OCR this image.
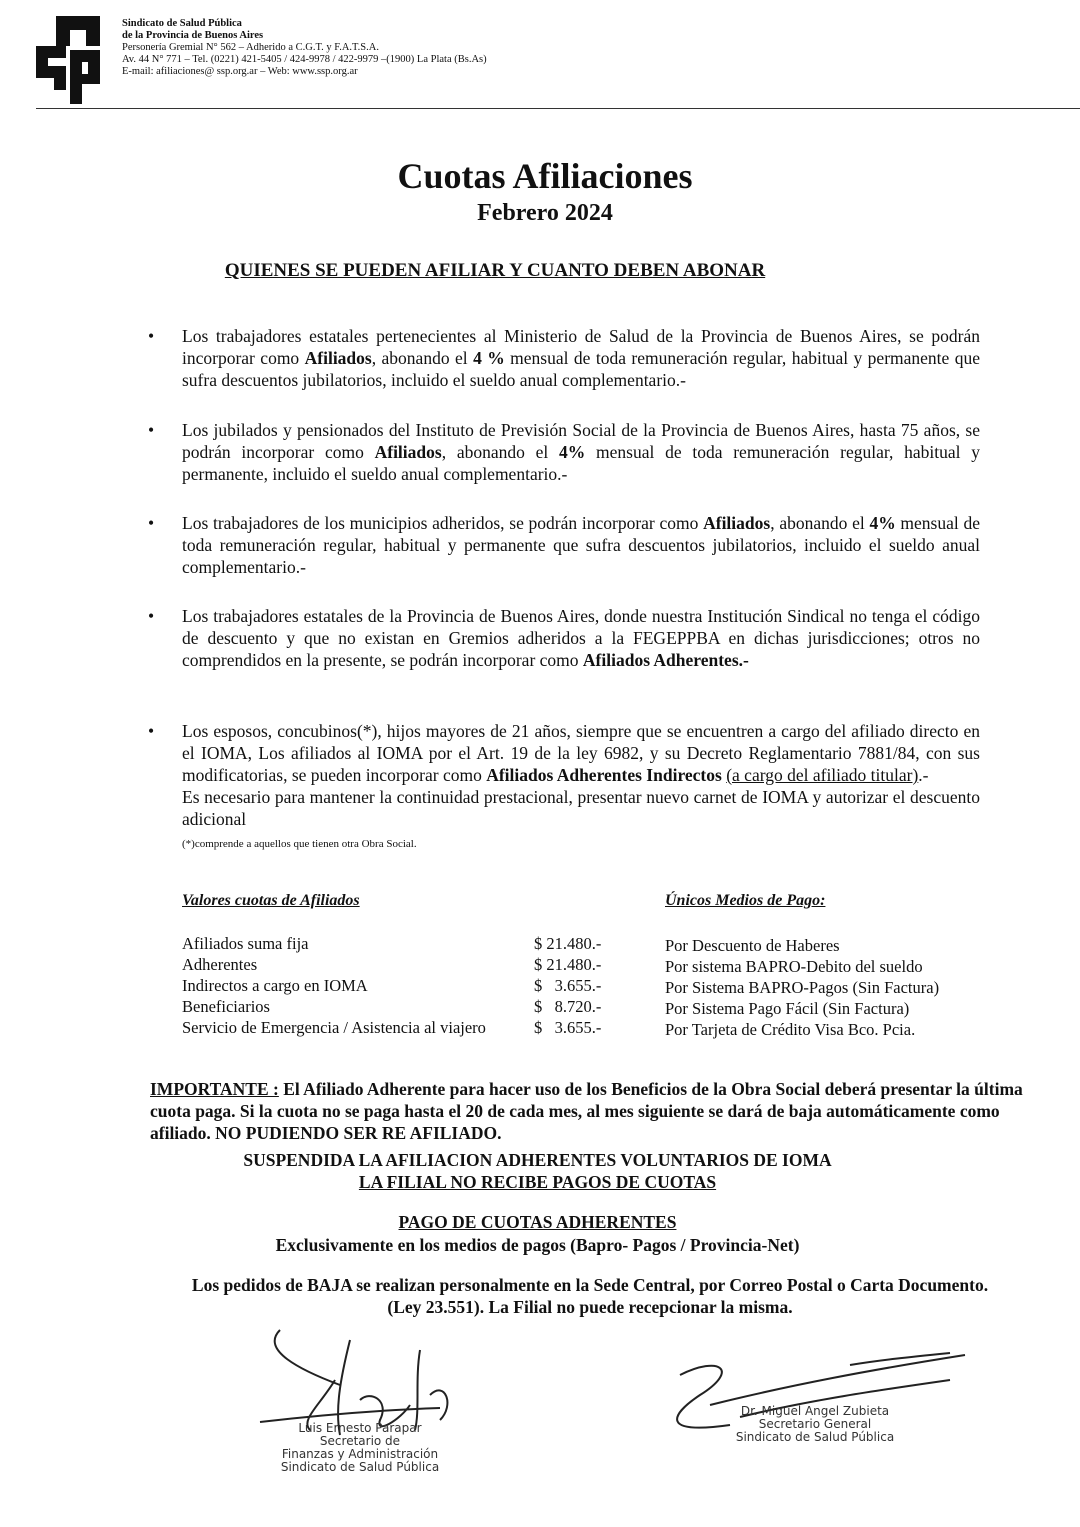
Sindicato de Salud Pública
de la Provincia de Buenos Aires
Personería Gremial N° 562 – Adherido a C.G.T. y F.A.T.S.A.
Av. 44 N° 771 – Tel. (0221) 421-5405 / 424-9978 / 422-9979 –(1900) La Plata (Bs.As)
E-mail: afiliaciones@ ssp.org.ar – Web: www.ssp.org.ar
Cuotas Afiliaciones
Febrero 2024
QUIENES SE PUEDEN AFILIAR Y CUANTO DEBEN ABONAR
• Los trabajadores estatales pertenecientes al Ministerio de Salud de la Provincia de Buenos Aires, se podrán incorporar como Afiliados, abonando el 4 % mensual de toda remuneración regular, habitual y permanente que sufra descuentos jubilatorios, incluido el sueldo anual complementario.-
• Los jubilados y pensionados del Instituto de Previsión Social de la Provincia de Buenos Aires, hasta 75 años, se podrán incorporar como Afiliados, abonando el 4% mensual de toda remuneración regular, habitual y permanente, incluido el sueldo anual complementario.-
• Los trabajadores de los municipios adheridos, se podrán incorporar como Afiliados, abonando el 4% mensual de toda remuneración regular, habitual y permanente que sufra descuentos jubilatorios, incluido el sueldo anual complementario.-
• Los trabajadores estatales de la Provincia de Buenos Aires, donde nuestra Institución Sindical no tenga el código de descuento y que no existan en Gremios adheridos a la FEGEPPBA en dichas jurisdicciones; otros no comprendidos en la presente, se podrán incorporar como Afiliados Adherentes.-
• Los esposos, concubinos(*), hijos mayores de 21 años, siempre que se encuentren a cargo del afiliado directo en el IOMA, Los afiliados al IOMA por el Art. 19 de la ley 6982, y su Decreto Reglamentario 7881/84, con sus modificatorias, se pueden incorporar como Afiliados Adherentes Indirectos (a cargo del afiliado titular).-
Es necesario para mantener la continuidad prestacional, presentar nuevo carnet de IOMA y autorizar el descuento adicional
(*)comprende a aquellos que tienen otra Obra Social.
Valores cuotas de Afiliados	Únicos Medios de Pago:
Afiliados suma fija	$ 21.480.-
Adherentes	$ 21.480.-
Indirectos a cargo en IOMA	$   3.655.-
Beneficiarios	$   8.720.-
Servicio de Emergencia / Asistencia al viajero	$   3.655.-
Por Descuento de Haberes
Por sistema BAPRO-Debito del sueldo
Por Sistema BAPRO-Pagos (Sin Factura)
Por Sistema Pago Fácil (Sin Factura)
Por Tarjeta de Crédito Visa Bco. Pcia.
IMPORTANTE : El Afiliado Adherente para hacer uso de los Beneficios de la Obra Social deberá presentar la última cuota paga. Si la cuota no se paga hasta el 20 de cada mes, al mes siguiente se dará de baja automáticamente como afiliado. NO PUDIENDO SER RE AFILIADO.
SUSPENDIDA LA AFILIACION ADHERENTES VOLUNTARIOS DE IOMA
LA FILIAL NO RECIBE PAGOS DE CUOTAS
PAGO DE CUOTAS ADHERENTES
Exclusivamente en los medios de pagos (Bapro- Pagos / Provincia-Net)
Los pedidos de BAJA se realizan personalmente en la Sede Central, por Correo Postal o Carta Documento. (Ley 23.551). La Filial no puede recepcionar la misma.
Luis Ernesto Parapar
Secretario de
Finanzas y Administración
Sindicato de Salud Pública
Dr. Miguel Angel Zubieta
Secretario General
Sindicato de Salud Pública
